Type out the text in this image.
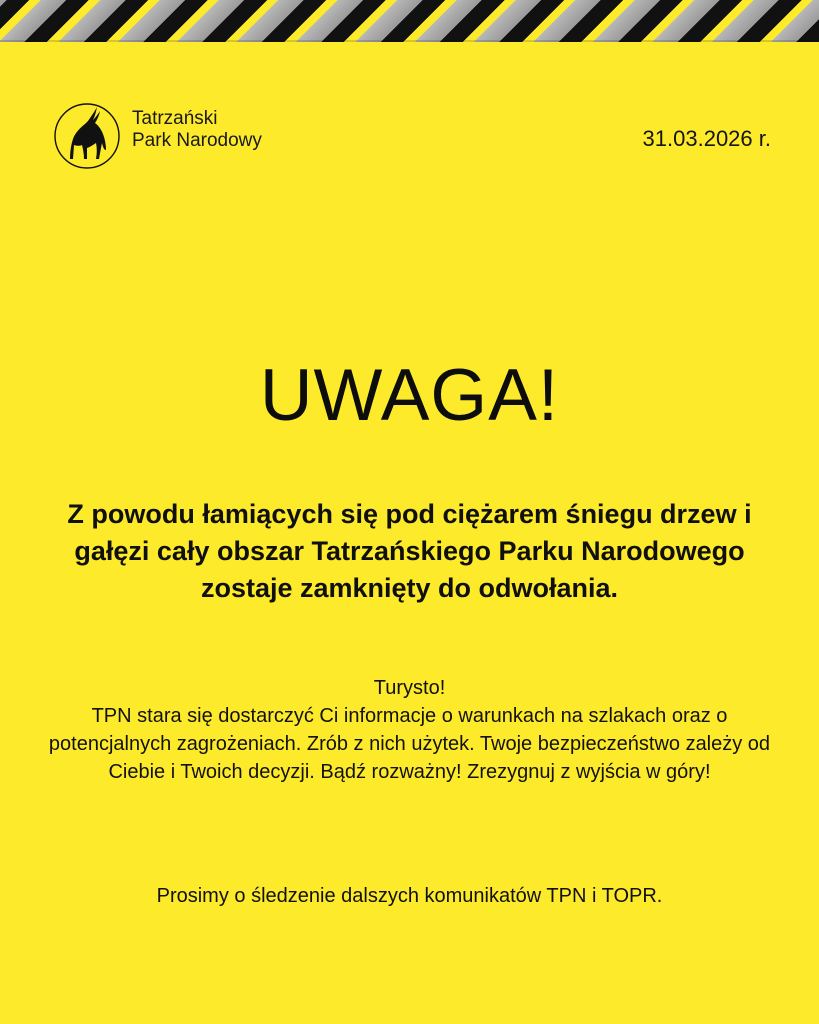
Tatrzański
Park Narodowy	31.03.2026 r.
UWAGA!
Z powodu łamiących się pod ciężarem śniegu drzew i gałęzi cały obszar Tatrzańskiego Parku Narodowego zostaje zamknięty do odwołania.

Turysto!

TPN stara się dostarczyć Ci informacje o warunkach na szlakach oraz o potencjalnych zagrożeniach. Zrób z nich użytek. Twoje bezpieczeństwo zależy od Ciebie i Twoich decyzji. Bądź rozważny! Zrezygnuj z wyjścia w góry!

Prosimy o śledzenie dalszych komunikatów TPN i TOPR.
